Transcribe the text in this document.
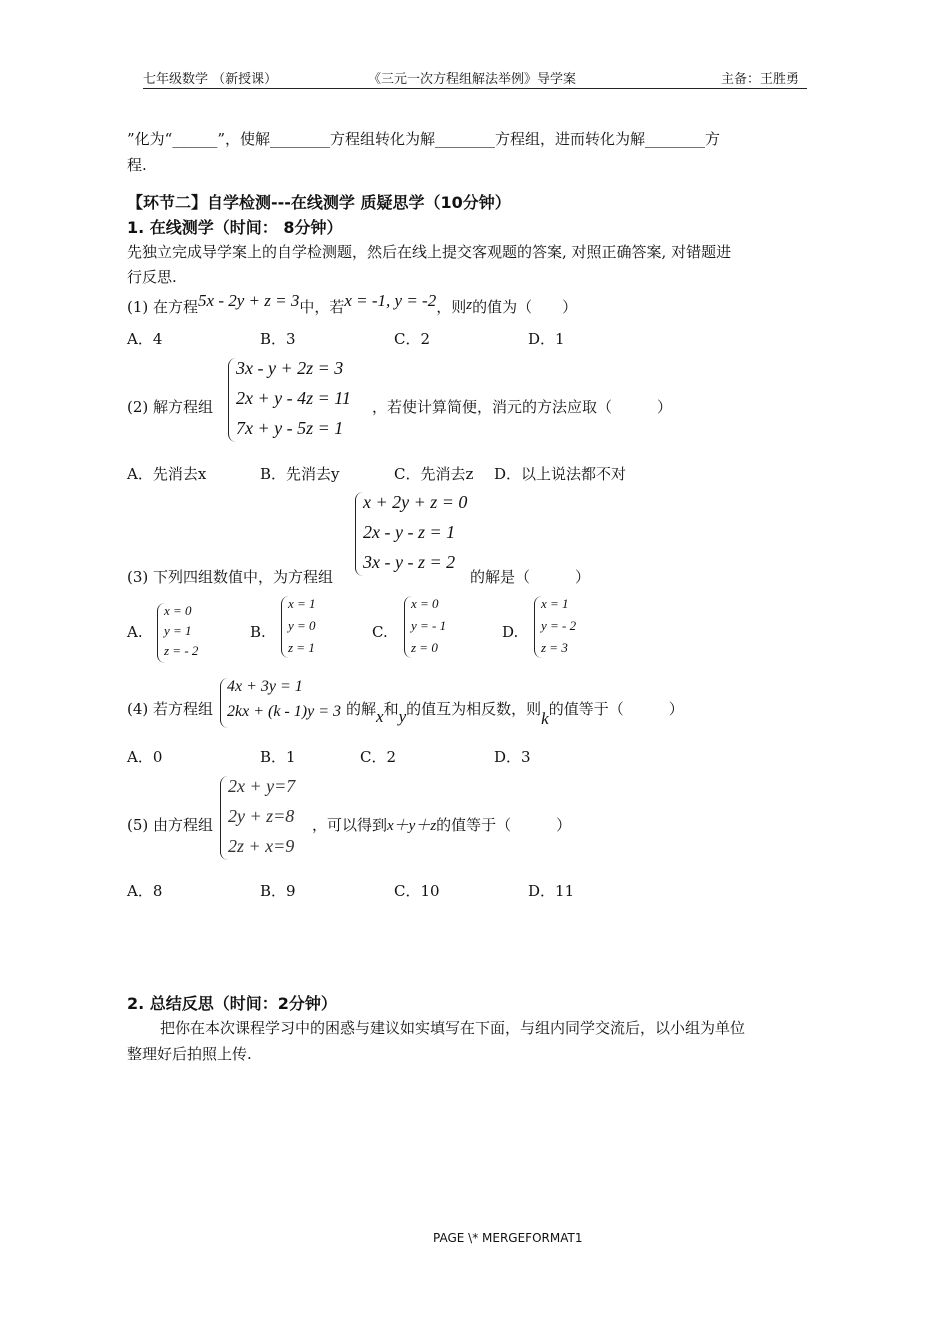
七年级数学 （新授课）	《三元一次方程组解法举例》导学案	主备：王胜勇
”化为“______”，使解________方程组转化为解________方程组，进而转化为解________方
程.
【环节二】自学检测---在线测学 质疑思学（10分钟）
1. 在线测学（时间： 8分钟）
先独立完成导学案上的自学检测题，然后在线上提交客观题的答案, 对照正确答案, 对错题进
行反思.
(1) 在方程5x - 2y + z = 3中，若x = -1, y = -2，则z的值为（　　）
A．4	B．3	C．2	D．1
(2) 解方程组
3x - y + 2z = 3
2x + y - 4z = 11
7x + y - 5z = 1
，若使计算简便，消元的方法应取（　　　）
A．先消去x	B．先消去y	C．先消去z D．以上说法都不对
x + 2y + z = 0
2x - y - z = 1
3x - y - z = 2
(3) 下列四组数值中，为方程组	的解是（　　　）
A.
x = 0
y = 1
z = - 2
B.
x = 1
y = 0
z = 1
C.
x = 0
y = - 1
z = 0
D.
x = 1
y = - 2
z = 3
(4) 若方程组
4x + 3y = 1
2kx + (k - 1)y = 3 的解x和y的值互为相反数，则k的值等于（　　　）
A．0	B．1	C．2	D．3
(5) 由方程组
2x + y=7
2y + z=8
2z + x=9
，可以得到x＋y＋z的值等于（　　　）
A．8	B．9	C．10	D．11
2. 总结反思（时间：2分钟）
把你在本次课程学习中的困惑与建议如实填写在下面，与组内同学交流后，以小组为单位
整理好后拍照上传.
PAGE \* MERGEFORMAT1
